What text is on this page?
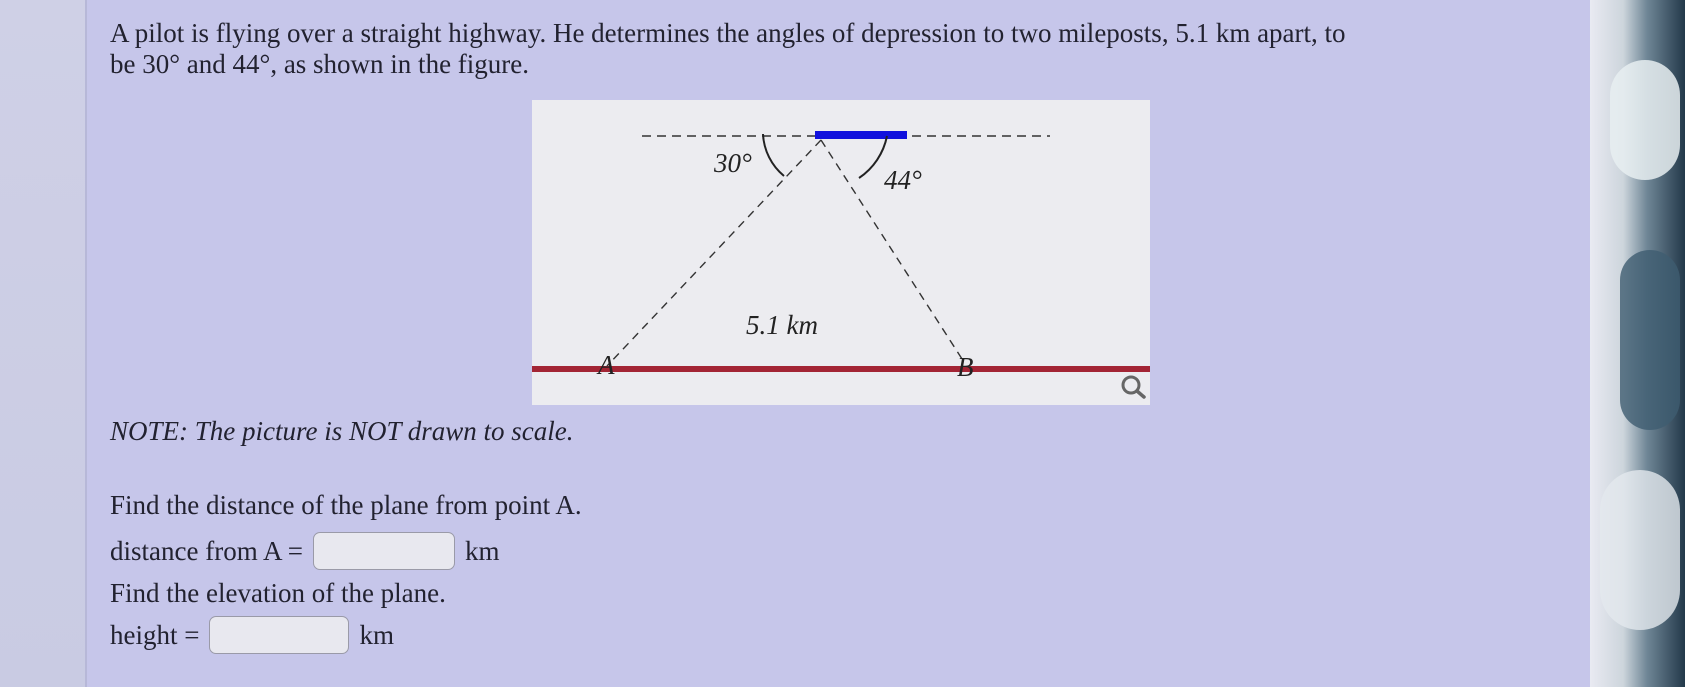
A pilot is flying over a straight highway. He determines the angles of depression to two mileposts, 5.1 km apart, to
be 30° and 44°, as shown in the figure.
30°
44°
5.1 km
A	B
NOTE: The picture is NOT drawn to scale.
Find the distance of the plane from point A.
distance from A =	km
Find the elevation of the plane.
height =	km
